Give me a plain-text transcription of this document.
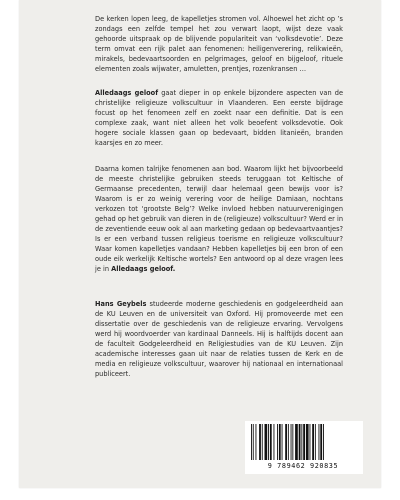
De kerken lopen leeg, de kapelletjes stromen vol. Alhoewel het zicht op ’s zondags een zelfde tempel het zou verwart laopt, wijst deze vaak gehoorde uitspraak op de blijvende populariteit van ‘volksdevotie’. Deze term omvat een rijk palet aan fenomenen: heiligenverering, relikwieën, mirakels, bedevaartsoorden en pelgrimages, geloof en bijgeloof, rituele elementen zoals wijwater, amuletten, prentjes, rozenkransen …

Alledaags geloof gaat dieper in op enkele bijzondere aspecten van de christelijke religieuze volkscultuur in Vlaanderen. Een eerste bijdrage focust op het fenomeen zelf en zoekt naar een definitie. Dat is een complexe zaak, want niet alleen het volk beoefent volksdevotie. Ook hogere sociale klassen gaan op bedevaart, bidden litanieën, branden kaarsjes en zo meer.

Daarna komen talrijke fenomenen aan bod. Waarom lijkt het bijvoorbeeld de meeste christelijke gebruiken steeds teruggaan tot Keltische of Germaanse precedenten, terwijl daar helemaal geen bewijs voor is? Waarom is er zo weinig verering voor de heilige Damiaan, nochtans verkozen tot ‘grootste Belg’? Welke invloed hebben natuurverenigingen gehad op het gebruik van dieren in de (religieuze) volkscultuur? Werd er in de zeventiende eeuw ook al aan marketing gedaan op bedevaartvaantjes? Is er een verband tussen religieus toerisme en religieuze volkscultuur? Waar komen kapelletjes vandaan? Hebben kapelletjes bij een bron of een oude eik werkelijk Keltische wortels? Een antwoord op al deze vragen lees je in Alledaags geloof.

Hans Geybels studeerde moderne geschiedenis en godgeleerdheid aan de KU Leuven en de universiteit van Oxford. Hij promoveerde met een dissertatie over de geschiedenis van de religieuze ervaring. Vervolgens werd hij woordvoerder van kardinaal Danneels. Hij is halftijds docent aan de faculteit Godgeleerdheid en Religiestudies van de KU Leuven. Zijn academische interesses gaan uit naar de relaties tussen de Kerk en de media en religieuze volkscultuur, waarover hij nationaal en internationaal publiceert.

9 789462 920835
